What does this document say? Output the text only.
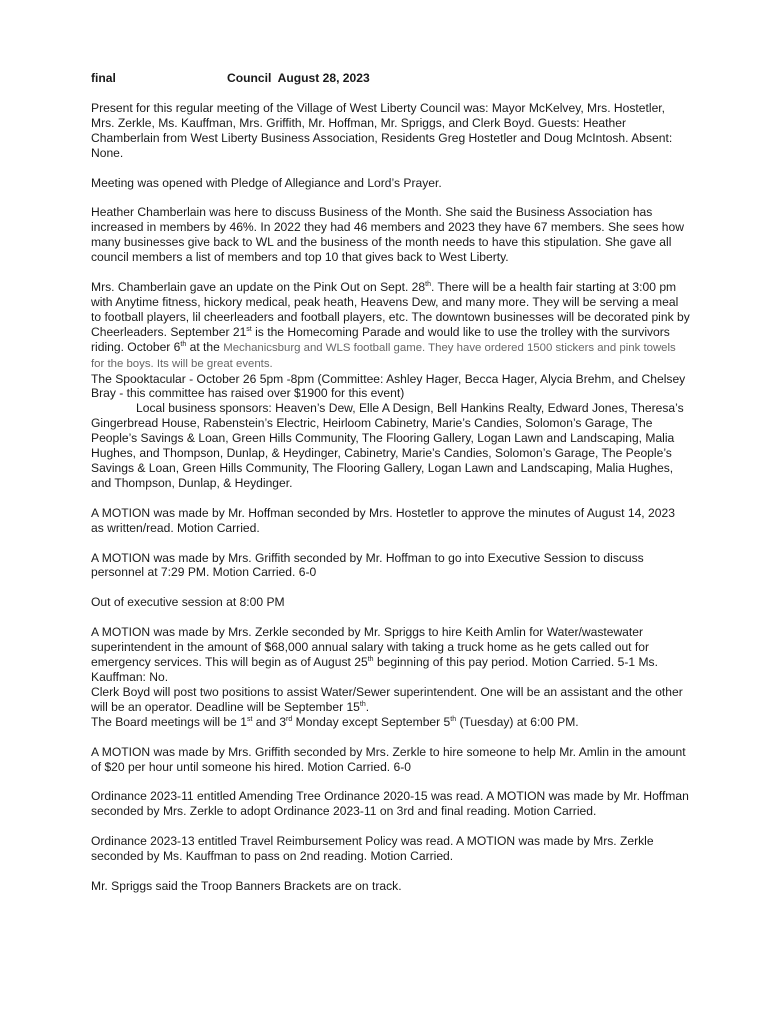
final	Council  August 28, 2023

Present for this regular meeting of the Village of West Liberty Council was: Mayor McKelvey, Mrs. Hostetler, Mrs. Zerkle, Ms. Kauffman, Mrs. Griffith, Mr. Hoffman, Mr. Spriggs, and Clerk Boyd. Guests: Heather Chamberlain from West Liberty Business Association, Residents Greg Hostetler and Doug McIntosh. Absent: None.

Meeting was opened with Pledge of Allegiance and Lord’s Prayer.

Heather Chamberlain was here to discuss Business of the Month. She said the Business Association has increased in members by 46%. In 2022 they had 46 members and 2023 they have 67 members. She sees how many businesses give back to WL and the business of the month needs to have this stipulation. She gave all council members a list of members and top 10 that gives back to West Liberty.

Mrs. Chamberlain gave an update on the Pink Out on Sept. 28th. There will be a health fair starting at 3:00 pm with Anytime fitness, hickory medical, peak heath, Heavens Dew, and many more. They will be serving a meal to football players, lil cheerleaders and football players, etc. The downtown businesses will be decorated pink by Cheerleaders. September 21st is the Homecoming Parade and would like to use the trolley with the survivors riding. October 6th at the Mechanicsburg and WLS football game. They have ordered 1500 stickers and pink towels for the boys. Its will be great events.

The Spooktacular - October 26 5pm -8pm (Committee: Ashley Hager, Becca Hager, Alycia Brehm, and Chelsey Bray - this committee has raised over $1900 for this event)

Local business sponsors: Heaven’s Dew, Elle A Design, Bell Hankins Realty, Edward Jones, Theresa’s Gingerbread House, Rabenstein’s Electric, Heirloom Cabinetry, Marie’s Candies, Solomon’s Garage, The People’s Savings & Loan, Green Hills Community, The Flooring Gallery, Logan Lawn and Landscaping, Malia Hughes, and Thompson, Dunlap, & Heydinger, Cabinetry, Marie’s Candies, Solomon’s Garage, The People’s Savings & Loan, Green Hills Community, The Flooring Gallery, Logan Lawn and Landscaping, Malia Hughes, and Thompson, Dunlap, & Heydinger.

A MOTION was made by Mr. Hoffman seconded by Mrs. Hostetler to approve the minutes of August 14, 2023 as written/read. Motion Carried.

A MOTION was made by Mrs. Griffith seconded by Mr. Hoffman to go into Executive Session to discuss personnel at 7:29 PM. Motion Carried. 6-0

Out of executive session at 8:00 PM

A MOTION was made by Mrs. Zerkle seconded by Mr. Spriggs to hire Keith Amlin for Water/wastewater superintendent in the amount of $68,000 annual salary with taking a truck home as he gets called out for emergency services. This will begin as of August 25th beginning of this pay period. Motion Carried. 5-1 Ms. Kauffman: No.

Clerk Boyd will post two positions to assist Water/Sewer superintendent. One will be an assistant and the other will be an operator. Deadline will be September 15th.

The Board meetings will be 1st and 3rd Monday except September 5th (Tuesday) at 6:00 PM.

A MOTION was made by Mrs. Griffith seconded by Mrs. Zerkle to hire someone to help Mr. Amlin in the amount of $20 per hour until someone his hired. Motion Carried. 6-0

Ordinance 2023-11 entitled Amending Tree Ordinance 2020-15 was read. A MOTION was made by Mr. Hoffman seconded by Mrs. Zerkle to adopt Ordinance 2023-11 on 3rd and final reading. Motion Carried.

Ordinance 2023-13 entitled Travel Reimbursement Policy was read. A MOTION was made by Mrs. Zerkle seconded by Ms. Kauffman to pass on 2nd reading. Motion Carried.

Mr. Spriggs said the Troop Banners Brackets are on track.
